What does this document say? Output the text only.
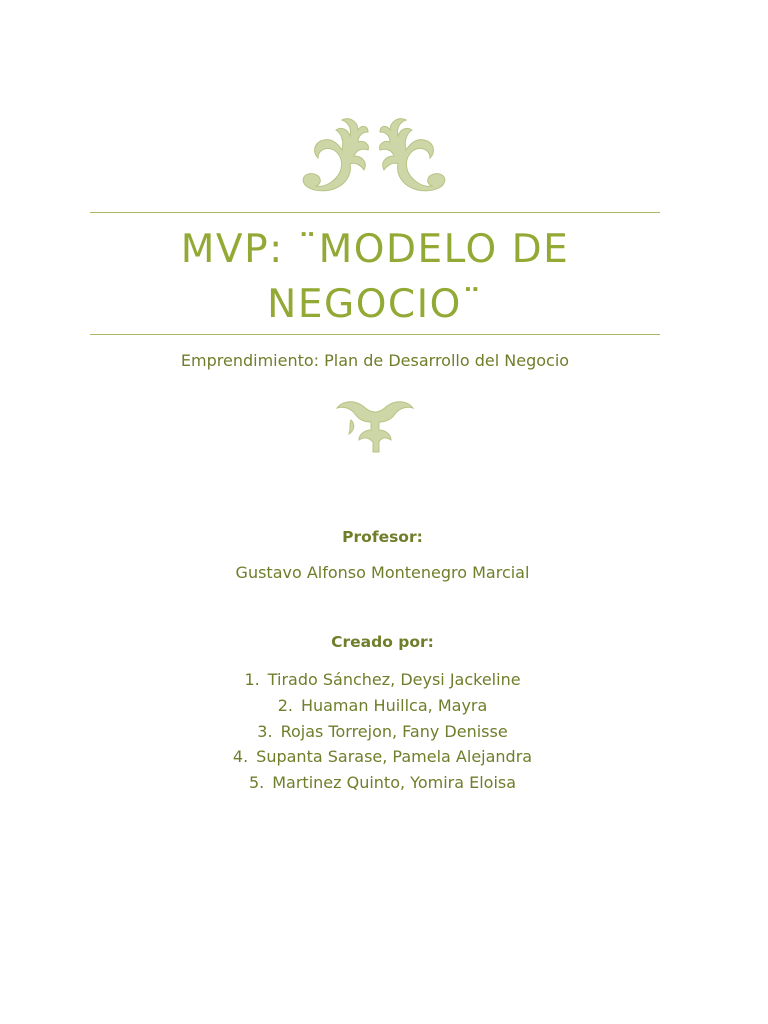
MVP: ¨MODELO DE NEGOCIO¨
Emprendimiento: Plan de Desarrollo del Negocio
Profesor:
Gustavo Alfonso Montenegro Marcial
Creado por:
1. Tirado Sánchez, Deysi Jackeline
2. Huaman Huillca, Mayra
3. Rojas Torrejon, Fany Denisse
4. Supanta Sarase, Pamela Alejandra
5. Martinez Quinto, Yomira Eloisa
